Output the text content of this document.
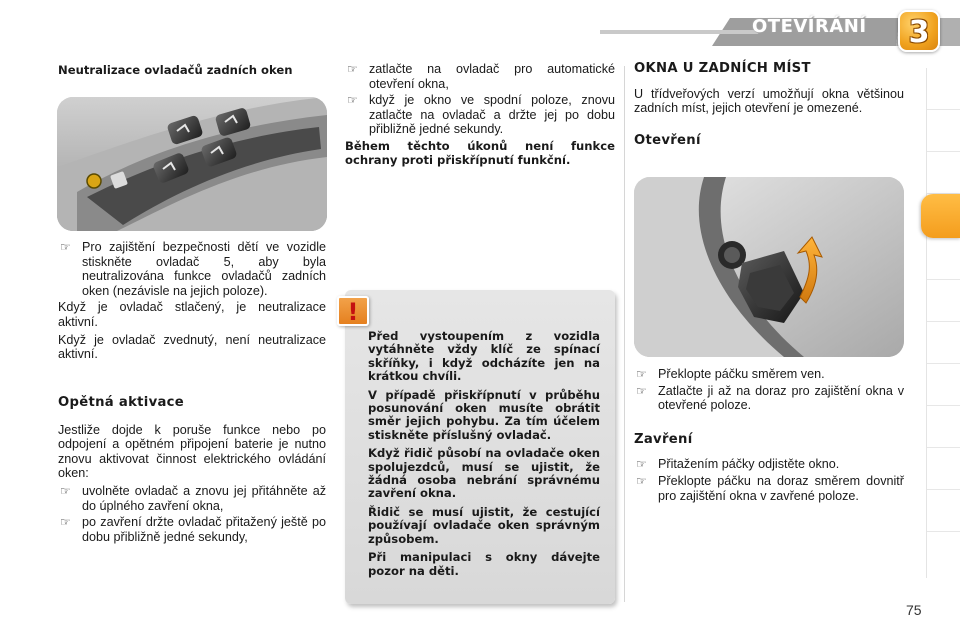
OTEVÍRÁNÍ 3
Neutralizace ovladačů zadních oken
☞ Pro zajištění bezpečnosti dětí ve vozidle stiskněte ovladač 5, aby byla neutralizována funkce ovladačů zadních oken (nezávisle na jejich poloze).

Když je ovladač stlačený, je neutralizace aktivní.

Když je ovladač zvednutý, není neutralizace aktivní.

Opětná aktivace

Jestliže dojde k poruše funkce nebo po odpojení a opětném připojení baterie je nutno znovu aktivovat činnost elektrického ovládání oken:

☞ uvolněte ovladač a znovu jej přitáhněte až do úplného zavření okna,
☞ po zavření držte ovladač přitažený ještě po dobu přibližně jedné sekundy,
☞ zatlačte na ovladač pro automatické otevření okna,
☞ když je okno ve spodní poloze, znovu zatlačte na ovladač a držte jej po dobu přibližně jedné sekundy.
Během těchto úkonů není funkce ochrany proti přiskřípnutí funkční.

Před vystoupením z vozidla vytáhněte vždy klíč ze spínací skříňky, i když odcházíte jen na krátkou chvíli.

V případě přiskřípnutí v průběhu posunování oken musíte obrátit směr jejich pohybu. Za tím účelem stiskněte příslušný ovladač.

Když řidič působí na ovladače oken spolujezdců, musí se ujistit, že žádná osoba nebrání správnému zavření okna.

Řidič se musí ujistit, že cestující používají ovladače oken správným způsobem.

Při manipulaci s okny dávejte pozor na děti.

!
OKNA U ZADNÍCH MÍST

U třídveřových verzí umožňují okna většinou zadních míst, jejich otevření je omezené.

Otevření
☞ Překlopte páčku směrem ven.
☞ Zatlačte ji až na doraz pro zajištění okna v otevřené poloze.
Zavření
☞ Přitažením páčky odjistěte okno.
☞ Překlopte páčku na doraz směrem dovnitř pro zajištění okna v zavřené poloze.
75
